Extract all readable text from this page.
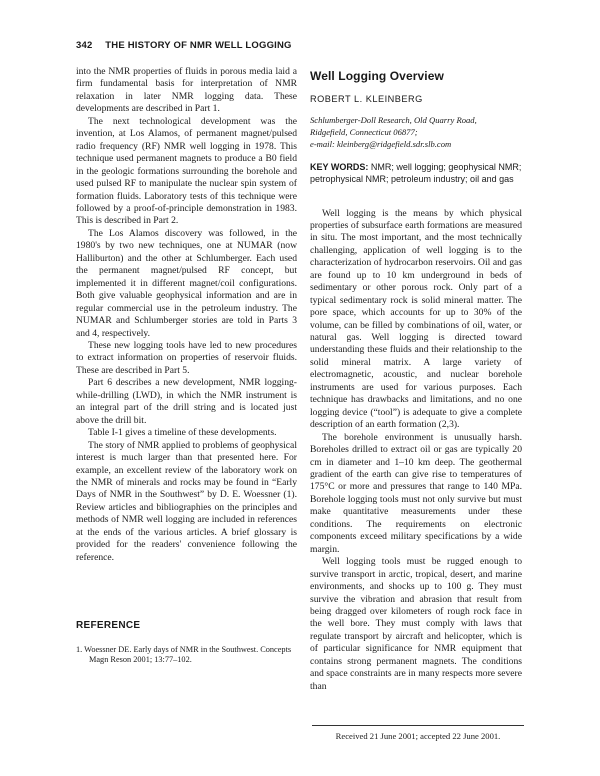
342 THE HISTORY OF NMR WELL LOGGING

into the NMR properties of fluids in porous media laid a firm fundamental basis for interpretation of NMR relaxation in later NMR logging data. These developments are described in Part 1.

The next technological development was the invention, at Los Alamos, of permanent magnet/pulsed radio frequency (RF) NMR well logging in 1978. This technique used permanent magnets to produce a B0 field in the geologic formations surrounding the borehole and used pulsed RF to manipulate the nuclear spin system of formation fluids. Laboratory tests of this technique were followed by a proof-of-principle demonstration in 1983. This is described in Part 2.

The Los Alamos discovery was followed, in the 1980's by two new techniques, one at NUMAR (now Halliburton) and the other at Schlumberger. Each used the permanent magnet/pulsed RF concept, but implemented it in different magnet/coil configurations. Both give valuable geophysical information and are in regular commercial use in the petroleum industry. The NUMAR and Schlumberger stories are told in Parts 3 and 4, respectively.

These new logging tools have led to new procedures to extract information on properties of reservoir fluids. These are described in Part 5.

Part 6 describes a new development, NMR logging-while-drilling (LWD), in which the NMR instrument is an integral part of the drill string and is located just above the drill bit.

Table I-1 gives a timeline of these developments.

The story of NMR applied to problems of geophysical interest is much larger than that presented here. For example, an excellent review of the laboratory work on the NMR of minerals and rocks may be found in “Early Days of NMR in the Southwest” by D. E. Woessner (1). Review articles and bibliographies on the principles and methods of NMR well logging are included in references at the ends of the various articles. A brief glossary is provided for the readers' convenience following the reference.

REFERENCE

1. Woessner DE. Early days of NMR in the Southwest. Concepts Magn Reson 2001; 13:77–102.

Well Logging Overview
ROBERT L. KLEINBERG
Schlumberger-Doll Research, Old Quarry Road,
Ridgefield, Connecticut 06877;
e-mail: kleinberg@ridgefield.sdr.slb.com
KEY WORDS: NMR; well logging; geophysical NMR; petrophysical NMR; petroleum industry; oil and gas

Well logging is the means by which physical properties of subsurface earth formations are measured in situ. The most important, and the most technically challenging, application of well logging is to the characterization of hydrocarbon reservoirs. Oil and gas are found up to 10 km underground in beds of sedimentary or other porous rock. Only part of a typical sedimentary rock is solid mineral matter. The pore space, which accounts for up to 30% of the volume, can be filled by combinations of oil, water, or natural gas. Well logging is directed toward understanding these fluids and their relationship to the solid mineral matrix. A large variety of electromagnetic, acoustic, and nuclear borehole instruments are used for various purposes. Each technique has drawbacks and limitations, and no one logging device (“tool”) is adequate to give a complete description of an earth formation (2,3).

The borehole environment is unusually harsh. Boreholes drilled to extract oil or gas are typically 20 cm in diameter and 1–10 km deep. The geothermal gradient of the earth can give rise to temperatures of 175°C or more and pressures that range to 140 MPa. Borehole logging tools must not only survive but must make quantitative measurements under these conditions. The requirements on electronic components exceed military specifications by a wide margin.

Well logging tools must be rugged enough to survive transport in arctic, tropical, desert, and marine environments, and shocks up to 100 g. They must survive the vibration and abrasion that result from being dragged over kilometers of rough rock face in the well bore. They must comply with laws that regulate transport by aircraft and helicopter, which is of particular significance for NMR equipment that contains strong permanent magnets. The conditions and space constraints are in many respects more severe than

Received 21 June 2001; accepted 22 June 2001.
